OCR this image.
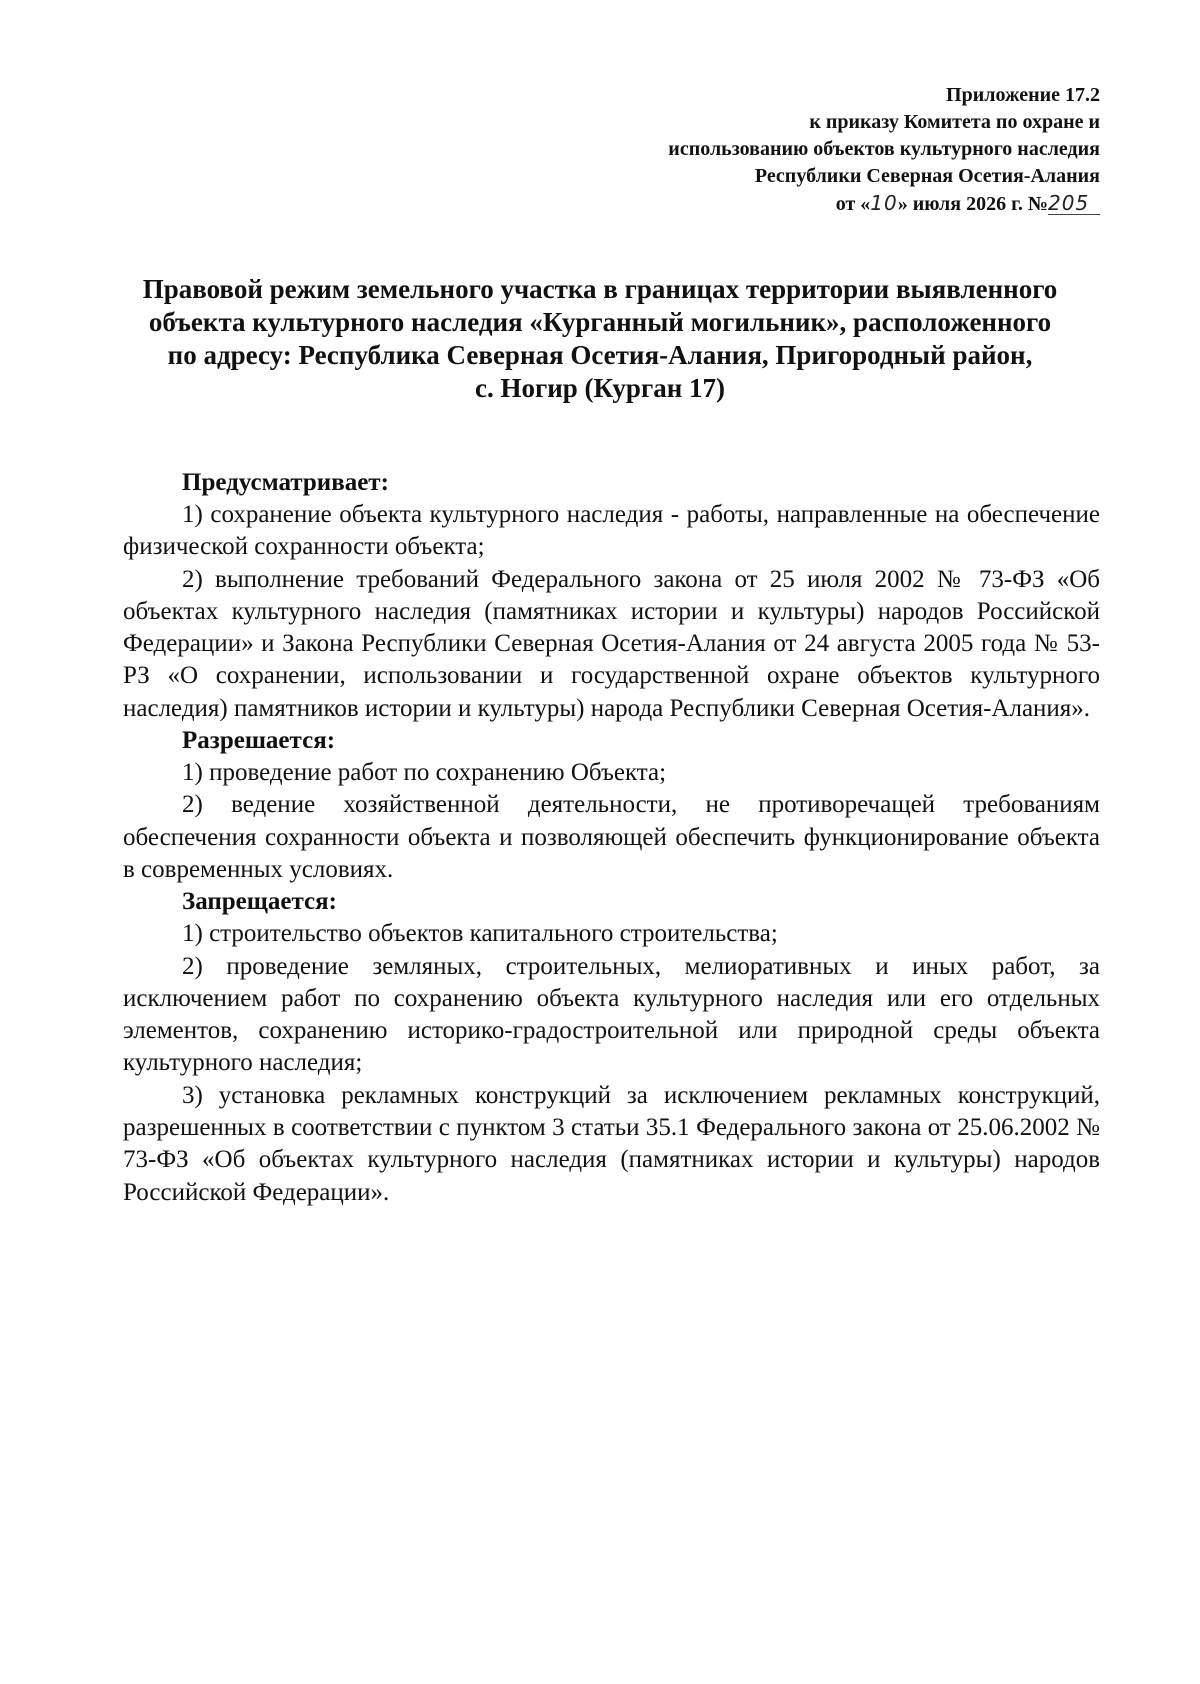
Приложение 17.2
к приказу Комитета по охране и
использованию объектов культурного наследия
Республики Северная Осетия-Алания
от «10» июля 2026 г. №205
Правовой режим земельного участка в границах территории выявленного
объекта культурного наследия «Курганный могильник», расположенного
по адресу: Республика Северная Осетия-Алания, Пригородный район,
с. Ногир (Курган 17)
Предусматривает:

1) сохранение объекта культурного наследия - работы, направленные на обеспечение физической сохранности объекта;

2) выполнение требований Федерального закона от 25 июля 2002 № 73-ФЗ «Об объектах культурного наследия (памятниках истории и культуры) народов Российской Федерации» и Закона Республики Северная Осетия-Алания от 24 августа 2005 года № 53-РЗ «О сохранении, использовании и государственной охране объектов культурного наследия) памятников истории и культуры) народа Республики Северная Осетия-Алания».

Разрешается:

1) проведение работ по сохранению Объекта;

2) ведение хозяйственной деятельности, не противоречащей требованиям обеспечения сохранности объекта и позволяющей обеспечить функционирование объекта в современных условиях.

Запрещается:

1) строительство объектов капитального строительства;

2) проведение земляных, строительных, мелиоративных и иных работ, за исключением работ по сохранению объекта культурного наследия или его отдельных элементов, сохранению историко-градостроительной или природной среды объекта культурного наследия;

3) установка рекламных конструкций за исключением рекламных конструкций, разрешенных в соответствии с пунктом 3 статьи 35.1 Федерального закона от 25.06.2002 № 73-ФЗ «Об объектах культурного наследия (памятниках истории и культуры) народов Российской Федерации».
